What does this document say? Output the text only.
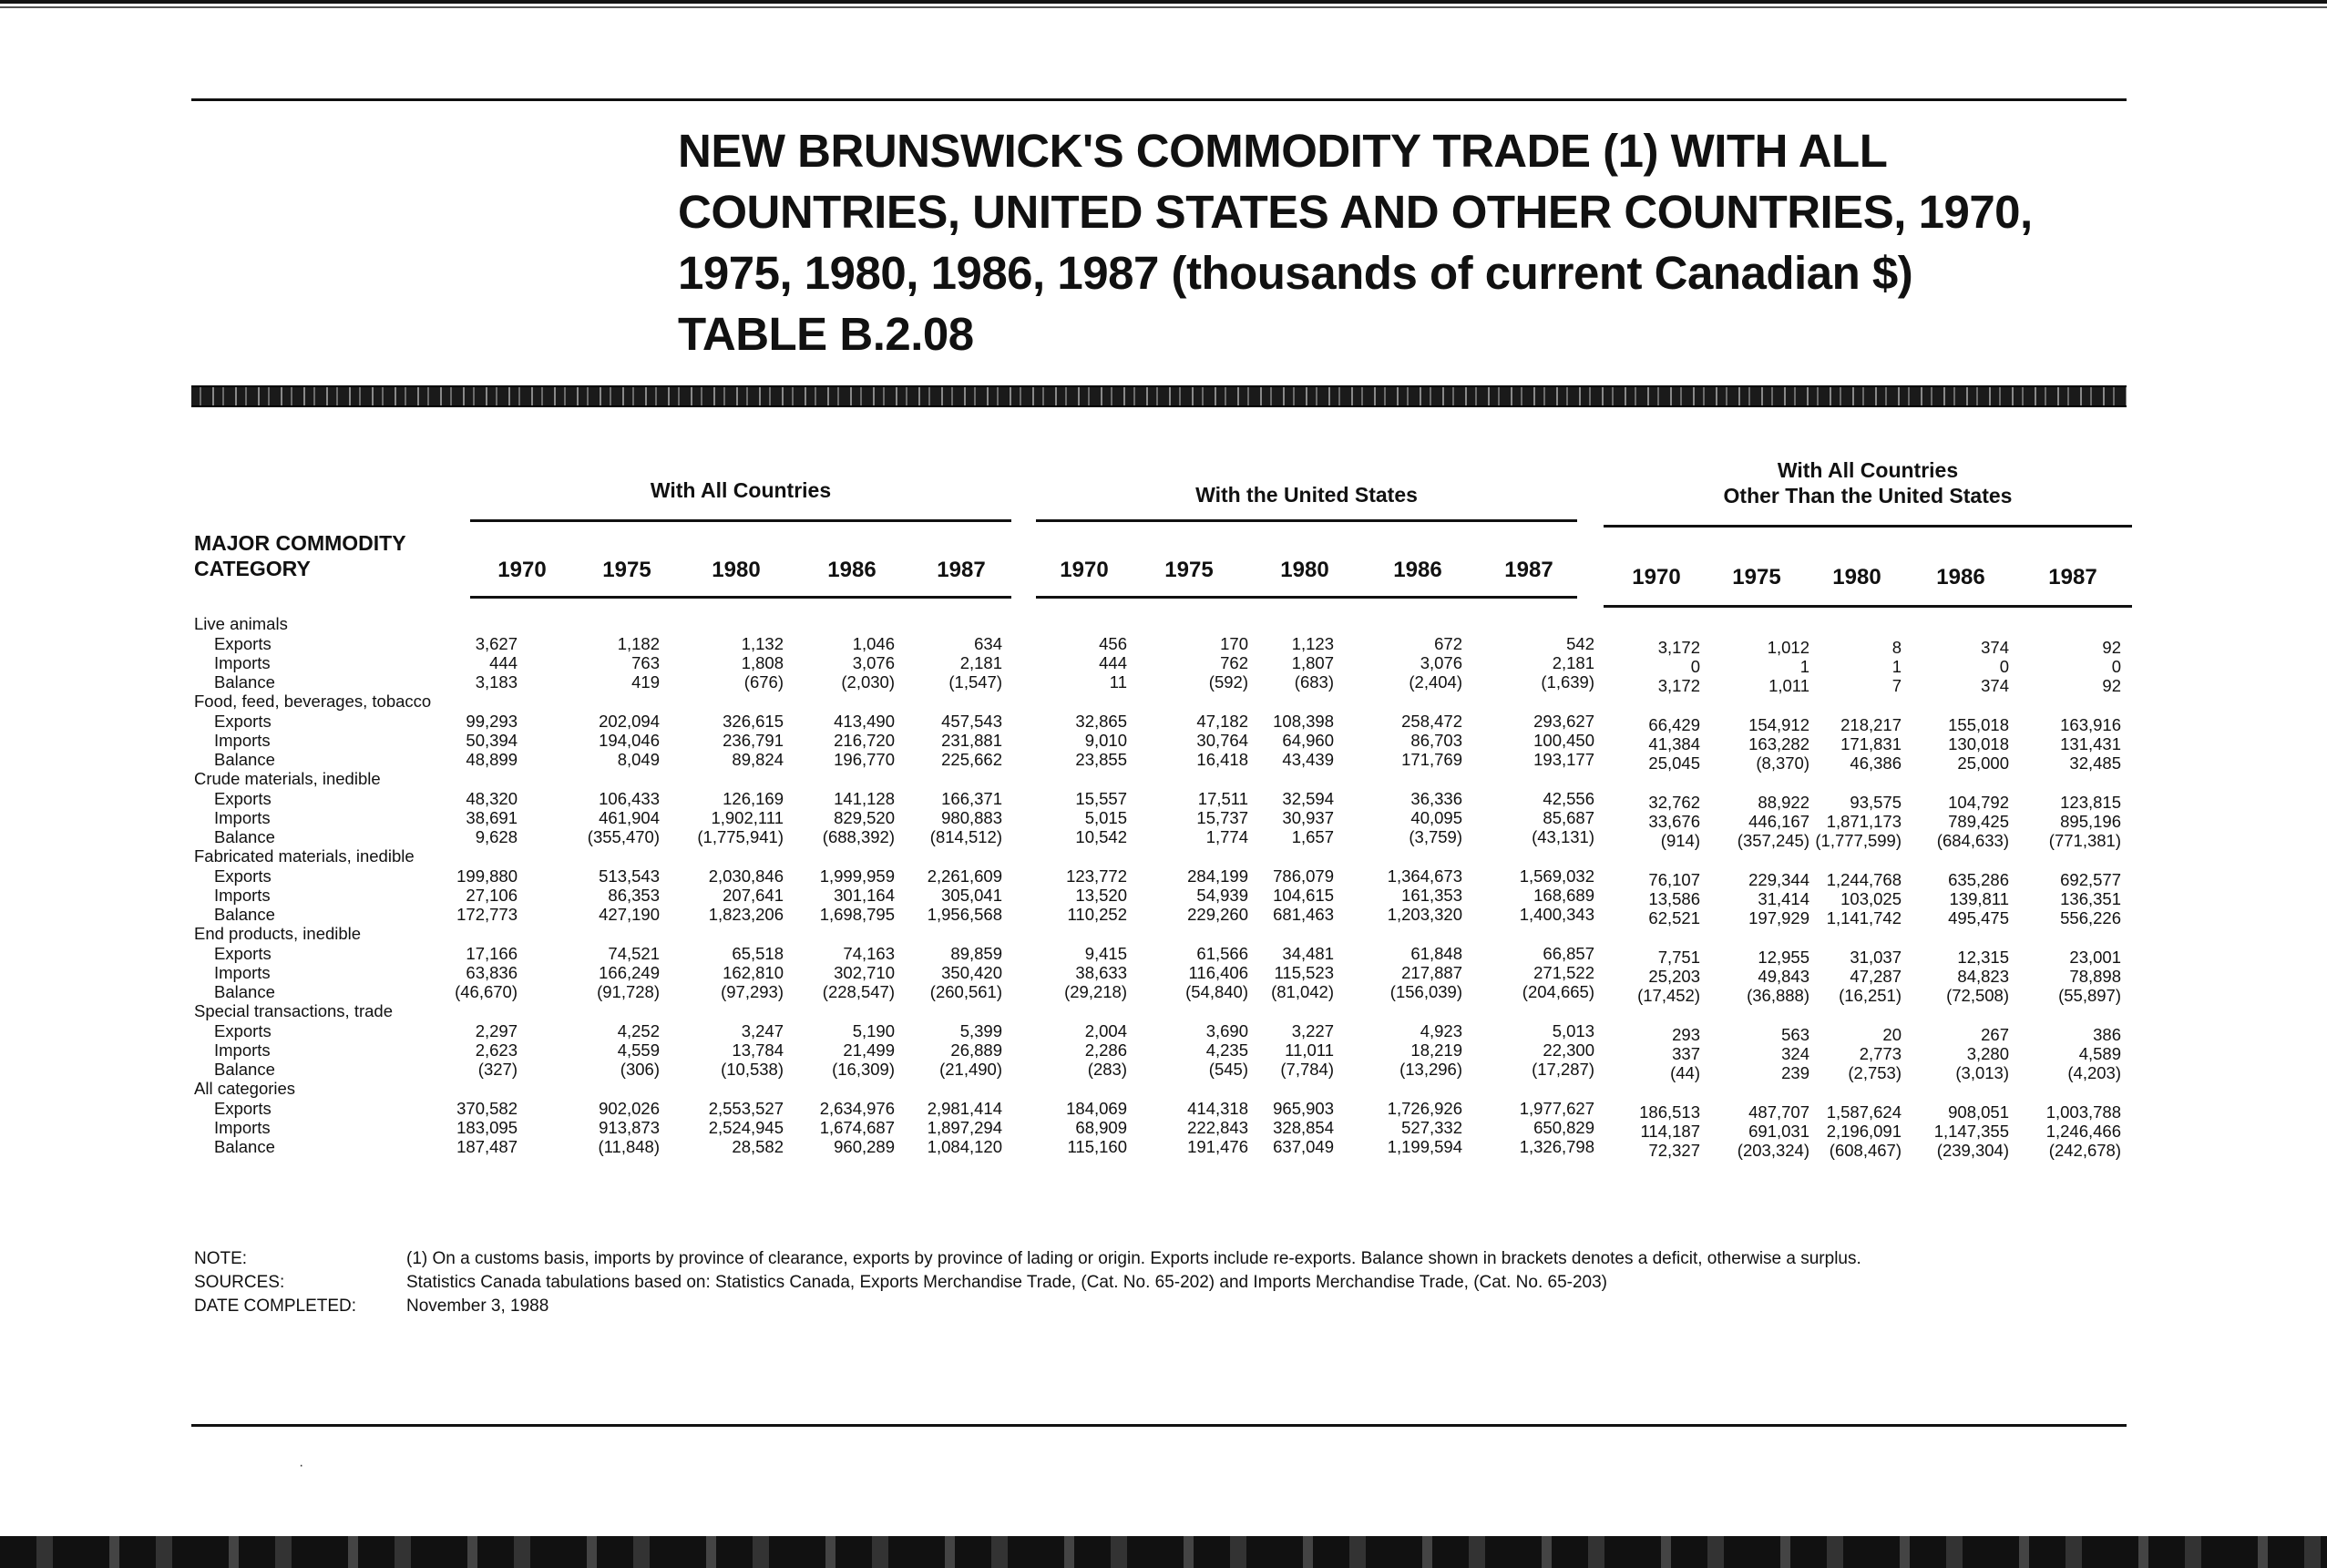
NEW BRUNSWICK'S COMMODITY TRADE (1) WITH ALL
COUNTRIES, UNITED STATES AND OTHER COUNTRIES, 1970,
1975, 1980, 1986, 1987 (thousands of current Canadian $)
TABLE B.2.08
With All Countries	With the United States
With All Countries
Other Than the United States
MAJOR COMMODITY
CATEGORY	1970	1975	1980	1986	1987	1970	1975	1980	1986	1987	1970	1975	1980	1986	1987
Live animals
Exports	3,627	1,182	1,132	1,046	634	456	170	1,123	672	542	3,172	1,012	8	374	92
Imports	444	763	1,808	3,076	2,181	444	762	1,807	3,076	2,181	0	1	1	0	0
Balance	3,183	419	(676)	(2,030)	(1,547)	11	(592)	(683)	(2,404)	(1,639)	3,172	1,011	7	374	92
Food, feed, beverages, tobacco
Exports	99,293	202,094	326,615	413,490	457,543	32,865	47,182	108,398	258,472	293,627	66,429	154,912	218,217	155,018	163,916
Imports	50,394	194,046	236,791	216,720	231,881	9,010	30,764	64,960	86,703	100,450	41,384	163,282	171,831	130,018	131,431
Balance	48,899	8,049	89,824	196,770	225,662	23,855	16,418	43,439	171,769	193,177	25,045	(8,370)	46,386	25,000	32,485
Crude materials, inedible
Exports	48,320	106,433	126,169	141,128	166,371	15,557	17,511	32,594	36,336	42,556	32,762	88,922	93,575	104,792	123,815
Imports	38,691	461,904	1,902,111	829,520	980,883	5,015	15,737	30,937	40,095	85,687	33,676	446,167	1,871,173	789,425	895,196
Balance	9,628	(355,470)	(1,775,941)	(688,392)	(814,512)	10,542	1,774	1,657	(3,759)	(43,131)	(914)	(357,245) (1,777,599)	(684,633)	(771,381)
Fabricated materials, inedible
Exports	199,880	513,543	2,030,846	1,999,959	2,261,609	123,772	284,199	786,079	1,364,673	1,569,032	76,107	229,344	1,244,768	635,286	692,577
Imports	27,106	86,353	207,641	301,164	305,041	13,520	54,939	104,615	161,353	168,689	13,586	31,414	103,025	139,811	136,351
Balance	172,773	427,190	1,823,206	1,698,795	1,956,568	110,252	229,260	681,463	1,203,320	1,400,343	62,521	197,929	1,141,742	495,475	556,226
End products, inedible
Exports	17,166	74,521	65,518	74,163	89,859	9,415	61,566	34,481	61,848	66,857	7,751	12,955	31,037	12,315	23,001
Imports	63,836	166,249	162,810	302,710	350,420	38,633	116,406	115,523	217,887	271,522	25,203	49,843	47,287	84,823	78,898
Balance	(46,670)	(91,728)	(97,293)	(228,547)	(260,561)	(29,218)	(54,840)	(81,042)	(156,039)	(204,665)	(17,452)	(36,888)	(16,251)	(72,508)	(55,897)
Special transactions, trade
Exports	2,297	4,252	3,247	5,190	5,399	2,004	3,690	3,227	4,923	5,013	293	563	20	267	386
Imports	2,623	4,559	13,784	21,499	26,889	2,286	4,235	11,011	18,219	22,300	337	324	2,773	3,280	4,589
Balance	(327)	(306)	(10,538)	(16,309)	(21,490)	(283)	(545)	(7,784)	(13,296)	(17,287)	(44)	239	(2,753)	(3,013)	(4,203)
All categories
Exports	370,582	902,026	2,553,527	2,634,976	2,981,414	184,069	414,318	965,903	1,726,926	1,977,627	186,513	487,707	1,587,624	908,051	1,003,788
Imports	183,095	913,873	2,524,945	1,674,687	1,897,294	68,909	222,843	328,854	527,332	650,829	114,187	691,031	2,196,091	1,147,355	1,246,466
Balance	187,487	(11,848)	28,582	960,289	1,084,120	115,160	191,476	637,049	1,199,594	1,326,798	72,327	(203,324)	(608,467)	(239,304)	(242,678)
NOTE:	(1) On a customs basis, imports by province of clearance, exports by province of lading or origin. Exports include re-exports. Balance shown in brackets denotes a deficit, otherwise a surplus.
SOURCES:	Statistics Canada tabulations based on: Statistics Canada, Exports Merchandise Trade, (Cat. No. 65-202) and Imports Merchandise Trade, (Cat. No. 65-203)
DATE COMPLETED:	November 3, 1988
·
